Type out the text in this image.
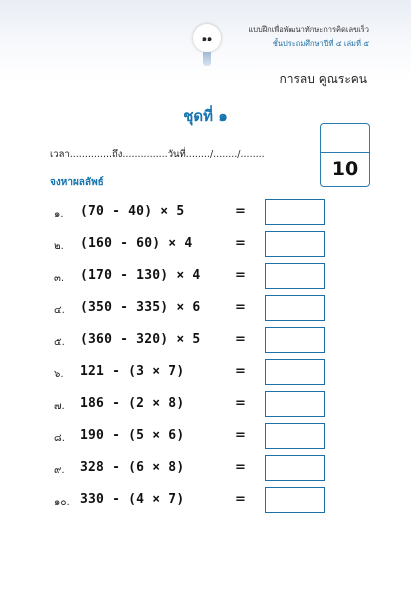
๑๑
แบบฝึกเพื่อพัฒนาทักษะการคิดเลขเร็ว
ชั้นประถมศึกษาปีที่ ๔ เล่มที่ ๕
การลบ คูณระคน
ชุดที่ ๑
10
เวลา..............ถึง...............วันที่......../......../........
จงหาผลลัพธ์
๑. (70 - 40) × 5	=
๒. (160 - 60) × 4	=
๓. (170 - 130) × 4	=
๔. (350 - 335) × 6	=
๕. (360 - 320) × 5	=
๖. 121 - (3 × 7)	=
๗. 186 - (2 × 8)	=
๘. 190 - (5 × 6)	=
๙. 328 - (6 × 8)	=
๑๐. 330 - (4 × 7)	=
